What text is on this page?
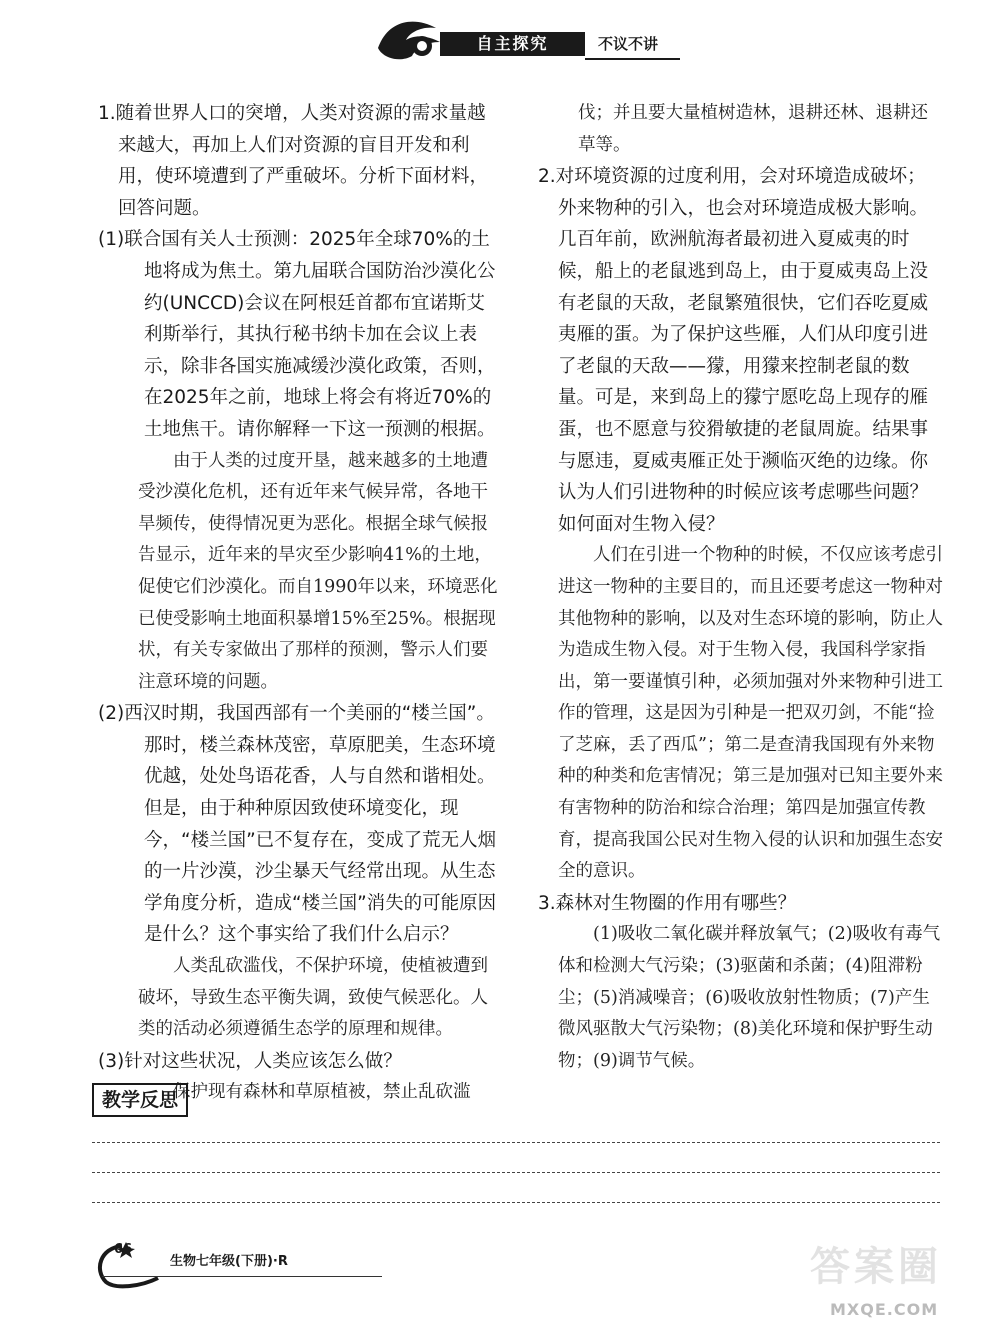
自主探究	不议不讲

1.随着世界人口的突增，人类对资源的需求量越来越大，再加上人们对资源的盲目开发和利用，使环境遭到了严重破坏。分析下面材料，回答问题。

(1)联合国有关人士预测：2025年全球70%的土地将成为焦土。第九届联合国防治沙漠化公约(UNCCD)会议在阿根廷首都布宜诺斯艾利斯举行，其执行秘书纳卡加在会议上表示，除非各国实施减缓沙漠化政策，否则，在2025年之前，地球上将会有将近70%的土地焦干。请你解释一下这一预测的根据。

由于人类的过度开垦，越来越多的土地遭受沙漠化危机，还有近年来气候异常，各地干旱频传，使得情况更为恶化。根据全球气候报告显示，近年来的旱灾至少影响41%的土地，促使它们沙漠化。而自1990年以来，环境恶化已使受影响土地面积暴增15%至25%。根据现状，有关专家做出了那样的预测，警示人们要注意环境的问题。

(2)西汉时期，我国西部有一个美丽的“楼兰国”。那时，楼兰森林茂密，草原肥美，生态环境优越，处处鸟语花香，人与自然和谐相处。但是，由于种种原因致使环境变化，现今，“楼兰国”已不复存在，变成了荒无人烟的一片沙漠，沙尘暴天气经常出现。从生态学角度分析，造成“楼兰国”消失的可能原因是什么？这个事实给了我们什么启示？

人类乱砍滥伐，不保护环境，使植被遭到破坏，导致生态平衡失调，致使气候恶化。人类的活动必须遵循生态学的原理和规律。

(3)针对这些状况，人类应该怎么做？

保护现有森林和草原植被，禁止乱砍滥

伐；并且要大量植树造林，退耕还林、退耕还草等。

2.对环境资源的过度利用，会对环境造成破坏；外来物种的引入，也会对环境造成极大影响。几百年前，欧洲航海者最初进入夏威夷的时候，船上的老鼠逃到岛上，由于夏威夷岛上没有老鼠的天敌，老鼠繁殖很快，它们吞吃夏威夷雁的蛋。为了保护这些雁，人们从印度引进了老鼠的天敌——獴，用獴来控制老鼠的数量。可是，来到岛上的獴宁愿吃岛上现存的雁蛋，也不愿意与狡猾敏捷的老鼠周旋。结果事与愿违，夏威夷雁正处于濒临灭绝的边缘。你认为人们引进物种的时候应该考虑哪些问题？如何面对生物入侵？

人们在引进一个物种的时候，不仅应该考虑引进这一物种的主要目的，而且还要考虑这一物种对其他物种的影响，以及对生态环境的影响，防止人为造成生物入侵。对于生物入侵，我国科学家指出，第一要谨慎引种，必须加强对外来物种引进工作的管理，这是因为引种是一把双刃剑，不能“捡了芝麻，丢了西瓜”；第二是查清我国现有外来物种的种类和危害情况；第三是加强对已知主要外来有害物种的防治和综合治理；第四是加强宣传教育，提高我国公民对生物入侵的认识和加强生态安全的意识。

3.森林对生物圈的作用有哪些？

(1)吸收二氧化碳并释放氧气；(2)吸收有毒气体和检测大气污染；(3)驱菌和杀菌；(4)阻滞粉尘；(5)消减噪音；(6)吸收放射性物质；(7)产生微风驱散大气污染物；(8)美化环境和保护野生动物；(9)调节气候。

教学反思
66
生物七年级(下册)·R	答案圈
MXQE.COM
